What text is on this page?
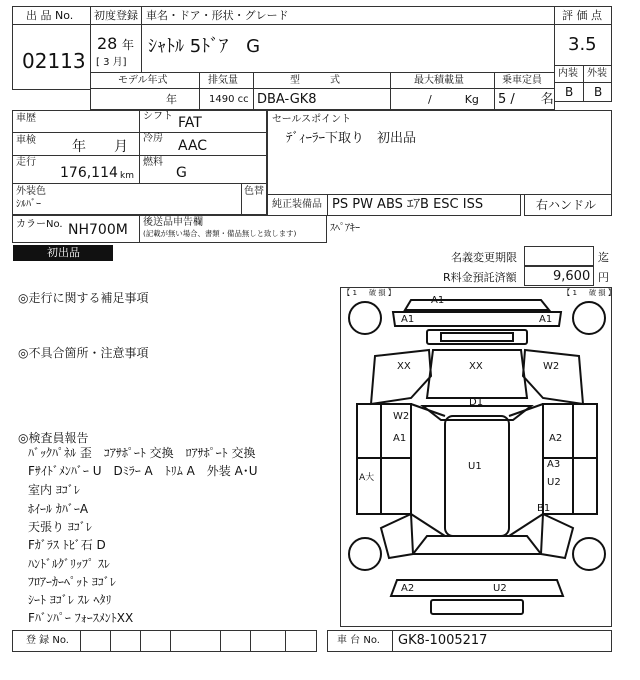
出 品 No.
02113
初度登録 車名・ドア・形状・グレード
28 年
[ 3 月]
ｼｬﾄﾙ 5ﾄﾞｱ　G
評 価 点
3.5
内装 外装
B B
モデル年式	排気量	型　　　式	最大積載量	乗車定員
年	1490 cc DBA-GK8	/　　　Kg 5 /　　名
車歴	シフト FAT
車検	年　　月
冷房 AAC
走行
176,114 km
燃料
G
外装色
ｼﾙﾊﾞｰ
色替
カラーNo. NH700M 後送品申告欄
(記載が無い場合、書類・備品無しと致します)
ｽﾍﾟｱｷｰ
セールスポイント
ﾃﾞｨｰﾗｰ下取り　初出品
純正装備品 PS PW ABS ｴｱB ESC ISS	右ハンドル
初出品	名義変更期限	迄
R料金預託済額	9,600 円
◎走行に関する補足事項
◎不具合箇所・注意事項
◎検査員報告
ﾊﾞｯｸﾊﾟﾈﾙ 歪　ｺｱｻﾎﾟｰﾄ 交換　ﾛｱｻﾎﾟｰﾄ 交換
Fｻｲﾄﾞﾒﾝﾊﾞｰ U　Dﾐﾗｰ A　ﾄﾘﾑ A　外装 A･U
室内 ﾖｺﾞﾚ
ﾎｲｰﾙ ｶﾊﾞｰA
天張り ﾖｺﾞﾚ
Fｶﾞﾗｽ ﾄﾋﾞ石 D
ﾊﾝﾄﾞﾙｸﾞﾘｯﾌﾟ ｽﾚ
ﾌﾛｱｰｶｰﾍﾟｯﾄ ﾖｺﾞﾚ
ｼｰﾄ ﾖｺﾞﾚ ｽﾚ ﾍﾀﾘ
Fﾊﾞﾝﾊﾟｰ ﾌｫｰｽﾒﾝﾄXX
【 1 　 破 損 】	【 1 　 破 損 】
A1
A1	A1
XX	XX	W2
D1
W2
A1	A2
A3
U1
U2
A大
B1
A2	U2
登 録 No.	車 台 No. GK8-1005217
